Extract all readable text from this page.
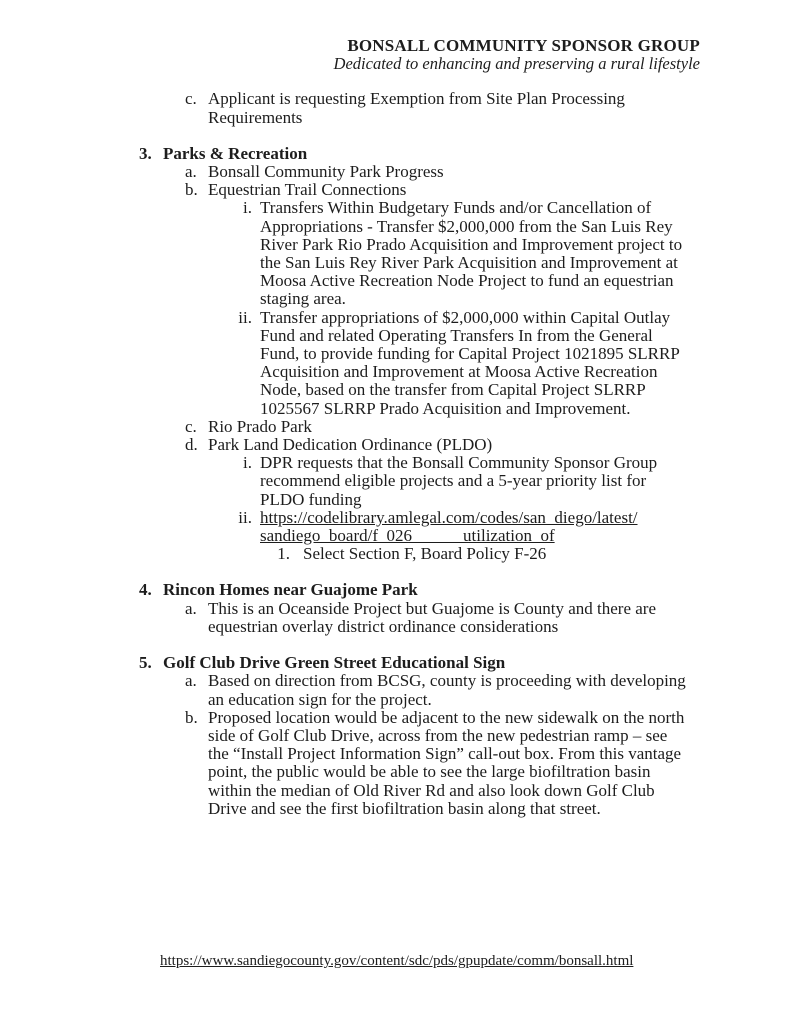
BONSALL COMMUNITY SPONSOR GROUP
Dedicated to enhancing and preserving a rural lifestyle
c. Applicant is requesting Exemption from Site Plan Processing Requirements
3. Parks & Recreation
a. Bonsall Community Park Progress
b. Equestrian Trail Connections
i. Transfers Within Budgetary Funds and/or Cancellation of Appropriations - Transfer $2,000,000 from the San Luis Rey River Park Rio Prado Acquisition and Improvement project to the San Luis Rey River Park Acquisition and Improvement at Moosa Active Recreation Node Project to fund an equestrian staging area.
ii. Transfer appropriations of $2,000,000 within Capital Outlay Fund and related Operating Transfers In from the General Fund, to provide funding for Capital Project 1021895 SLRRP Acquisition and Improvement at Moosa Active Recreation Node, based on the transfer from Capital Project SLRRP 1025567 SLRRP Prado Acquisition and Improvement.
c. Rio Prado Park
d. Park Land Dedication Ordinance (PLDO)
i. DPR requests that the Bonsall Community Sponsor Group recommend eligible projects and a 5-year priority list for PLDO funding
ii. https://codelibrary.amlegal.com/codes/san_diego/latest/
sandiego_board/f_026______utilization_of
1. Select Section F, Board Policy F-26
4. Rincon Homes near Guajome Park
a. This is an Oceanside Project but Guajome is County and there are equestrian overlay district ordinance considerations
5. Golf Club Drive Green Street Educational Sign
a. Based on direction from BCSG, county is proceeding with developing an education sign for the project.
b. Proposed location would be adjacent to the new sidewalk on the north side of Golf Club Drive, across from the new pedestrian ramp – see the “Install Project Information Sign” call-out box. From this vantage point, the public would be able to see the large biofiltration basin within the median of Old River Rd and also look down Golf Club Drive and see the first biofiltration basin along that street.
https://www.sandiegocounty.gov/content/sdc/pds/gpupdate/comm/bonsall.html
